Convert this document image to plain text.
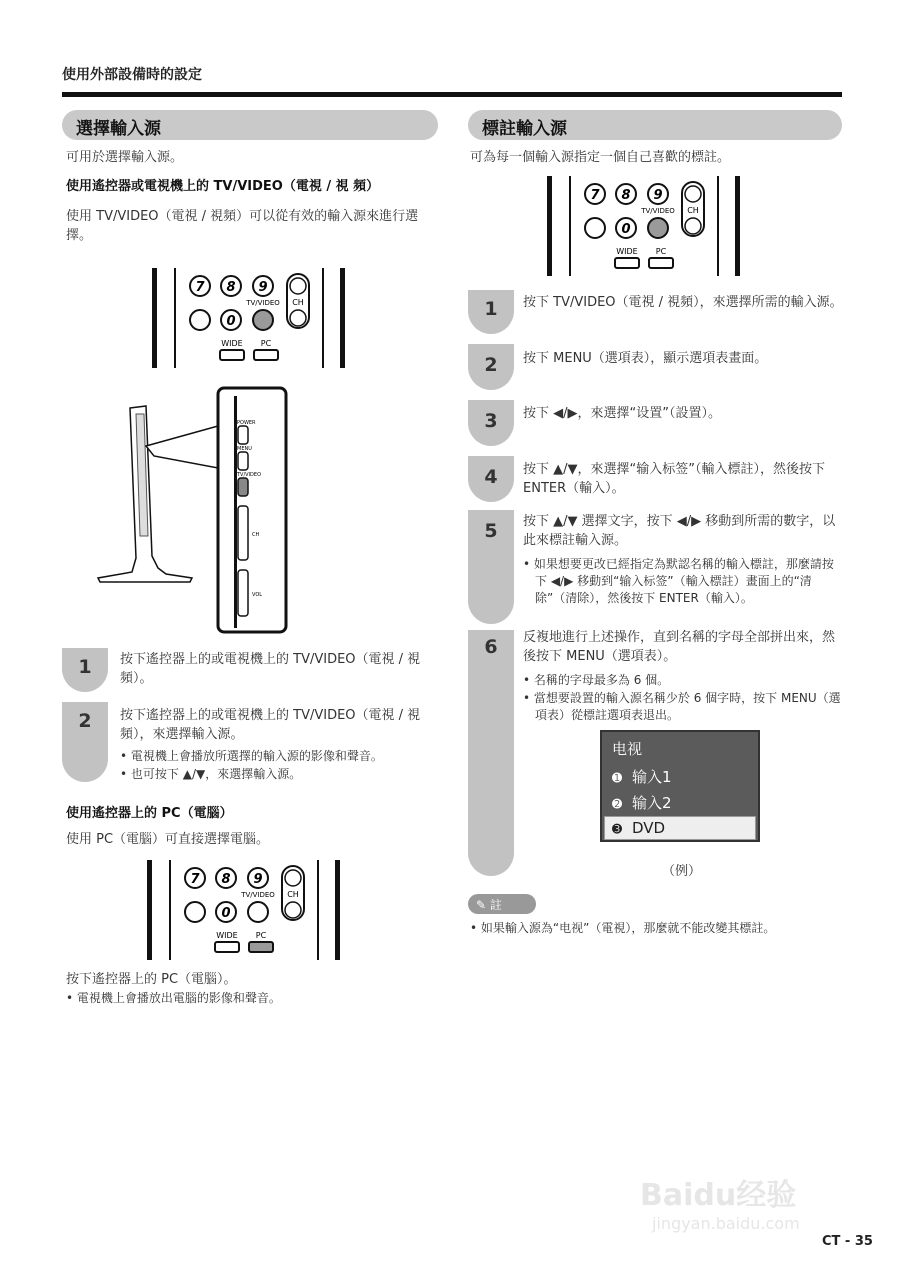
使用外部設備時的設定
選擇輸入源
可用於選擇輸入源。
使用遙控器或電視機上的 TV/VIDEO（電視 / 視 頻）
使用 TV/VIDEO（電視 / 視頻）可以從有效的輸入源來進行選擇。
7 8 9
0
TV/VIDEO CH
WIDE PC
POWER
MENU
TV/VIDEO
CH
VOL
1	按下遙控器上的或電視機上的 TV/VIDEO（電視 / 視頻）。
2	按下遙控器上的或電視機上的 TV/VIDEO（電視 / 視頻），來選擇輸入源。
• 電視機上會播放所選擇的輸入源的影像和聲音。
• 也可按下 ▲/▼，來選擇輸入源。
使用遙控器上的 PC（電腦）
使用 PC（電腦）可直接選擇電腦。
7 8 9
0
TV/VIDEO CH
WIDE PC
按下遙控器上的 PC（電腦）。
• 電視機上會播放出電腦的影像和聲音。
標註輸入源
可為每一個輸入源指定一個自己喜歡的標註。
7 8 9
0
TV/VIDEO CH
WIDE PC
1	按下 TV/VIDEO（電視 / 視頻），來選擇所需的輸入源。
2	按下 MENU（選項表），顯示選項表畫面。
3	按下 ◀/▶，來選擇“设置”（設置）。
4	按下 ▲/▼，來選擇“输入标签”（輸入標註），然後按下 ENTER（輸入）。
5	按下 ▲/▼ 選擇文字，按下 ◀/▶ 移動到所需的數字，以此來標註輸入源。
• 如果想要更改已經指定為默認名稱的輸入標註，那麼請按下 ◀/▶ 移動到“输入标签”（輸入標註）畫面上的“清除”（清除），然後按下 ENTER（輸入）。
6	反複地進行上述操作，直到名稱的字母全部拼出來，然後按下 MENU（選項表）。
• 名稱的字母最多為 6 個。
• 當想要設置的輸入源名稱少於 6 個字時，按下 MENU（選項表）從標註選項表退出。
电视
➊ 输入1
➋ 输入2
➌ DVD
（例）
✎ 註
• 如果輸入源為“电视”（電視），那麼就不能改變其標註。
Baidu经验
jingyan.baidu.com
CT - 35
